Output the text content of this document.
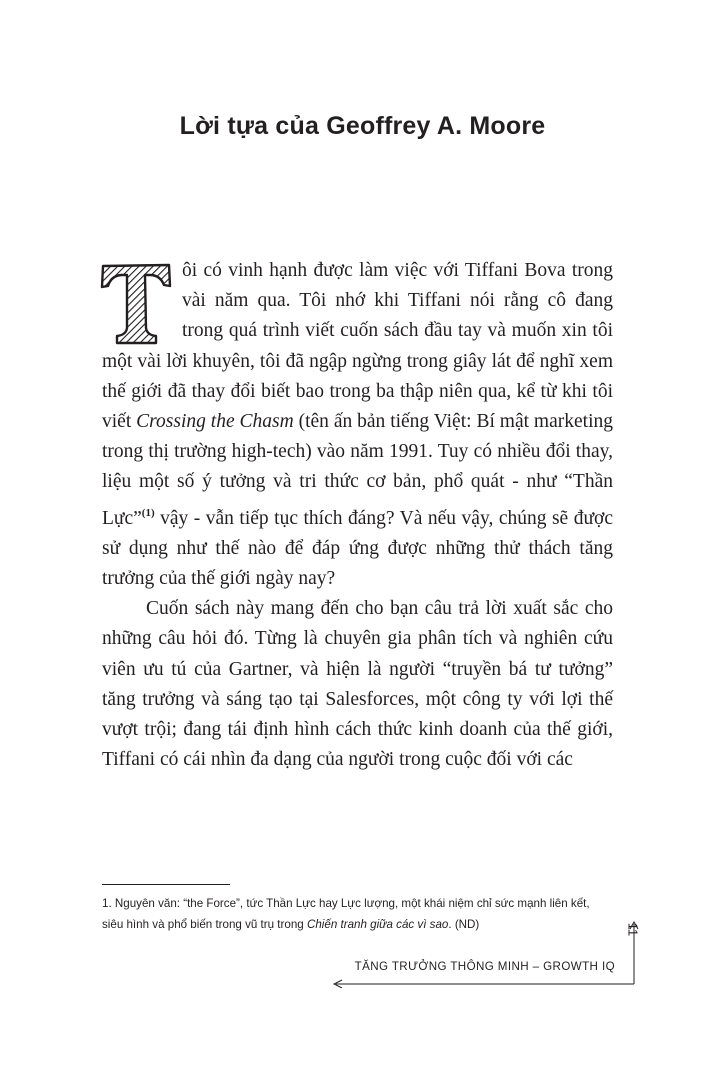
Lời tựa của Geoffrey A. Moore

ôi có vinh hạnh được làm việc với Tiffani Bova trong vài năm qua. Tôi nhớ khi Tiffani nói rằng cô đang trong quá trình viết cuốn sách đầu tay và muốn xin tôi một vài lời khuyên, tôi đã ngập ngừng trong giây lát để nghĩ xem thế giới đã thay đổi biết bao trong ba thập niên qua, kể từ khi tôi viết Crossing the Chasm (tên ấn bản tiếng Việt: Bí mật marketing trong thị trường high-tech) vào năm 1991. Tuy có nhiều đổi thay, liệu một số ý tưởng và tri thức cơ bản, phổ quát - như “Thần Lực”$^{(1)}$ vậy - vẫn tiếp tục thích đáng? Và nếu vậy, chúng sẽ được sử dụng như thế nào để đáp ứng được những thử thách tăng trưởng của thế giới ngày nay?

Cuốn sách này mang đến cho bạn câu trả lời xuất sắc cho những câu hỏi đó. Từng là chuyên gia phân tích và nghiên cứu viên ưu tú của Gartner, và hiện là người “truyền bá tư tưởng” tăng trưởng và sáng tạo tại Salesforces, một công ty với lợi thế vượt trội; đang tái định hình cách thức kinh doanh của thế giới, Tiffani có cái nhìn đa dạng của người trong cuộc đối với các

1. Nguyên văn: “the Force”, tức Thần Lực hay Lực lượng, một khái niệm chỉ sức mạnh liên kết, siêu hình và phổ biến trong vũ trụ trong Chiến tranh giữa các vì sao. (ND)	11
TĂNG TRƯỞNG THÔNG MINH – GROWTH IQ
